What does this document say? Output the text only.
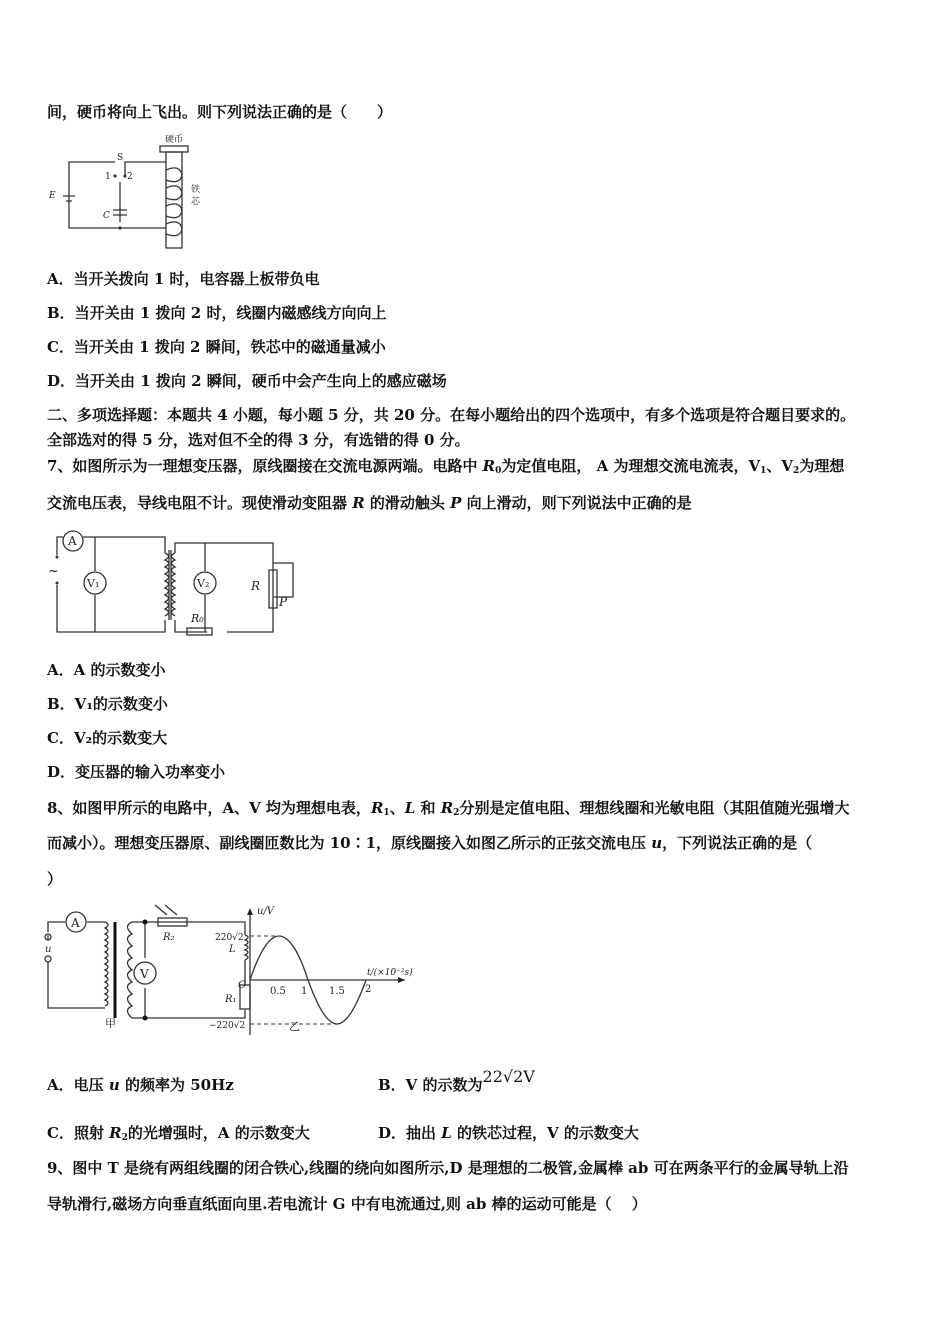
间，硬币将向上飞出。则下列说法正确的是（　　）
硬币
S
1 2
E
C
铁
芯
A．当开关拨向 1 时，电容器上板带负电
B．当开关由 1 拨向 2 时，线圈内磁感线方向向上
C．当开关由 1 拨向 2 瞬间，铁芯中的磁通量减小
D．当开关由 1 拨向 2 瞬间，硬币中会产生向上的感应磁场
二、多项选择题：本题共 4 小题，每小题 5 分，共 20 分。在每小题给出的四个选项中，有多个选项是符合题目要求的。
全部选对的得 5 分，选对但不全的得 3 分，有选错的得 0 分。
7、如图所示为一理想变压器，原线圈接在交流电源两端。电路中 $R_0$为定值电阻， A 为理想交流电流表，$V_1$、$V_2$为理想
交流电压表，导线电阻不计。现使滑动变阻器 R 的滑动触头 P 向上滑动，则下列说法中正确的是
A
V₁	V₂	R
P
R₀
~
A．A 的示数变小
B．V₁的示数变小
C．V₂的示数变大
D．变压器的输入功率变小
8、如图甲所示的电路中，A、V 均为理想电表，$R_1$、L 和 $R_2$分别是定值电阻、理想线圈和光敏电阻（其阻值随光强增大
而减小）。理想变压器原、副线圈匝数比为 10∶1，原线圈接入如图乙所示的正弦交流电压 u，下列说法正确的是（
）
A
V
u
R₂
L
R₁
甲
u/V
t/(×10⁻²s)
O
220√2
−220√2
0.5 1 1.5 2
乙
A．电压 u 的频率为 50Hz	B．V 的示数为22√2V
C．照射 $R_2$的光增强时，A 的示数变大	D．抽出 L 的铁芯过程，V 的示数变大
9、图中 T 是绕有两组线圈的闭合铁心,线圈的绕向如图所示,D 是理想的二极管,金属棒 ab 可在两条平行的金属导轨上沿
导轨滑行,磁场方向垂直纸面向里.若电流计 G 中有电流通过,则 ab 棒的运动可能是（　 ）
